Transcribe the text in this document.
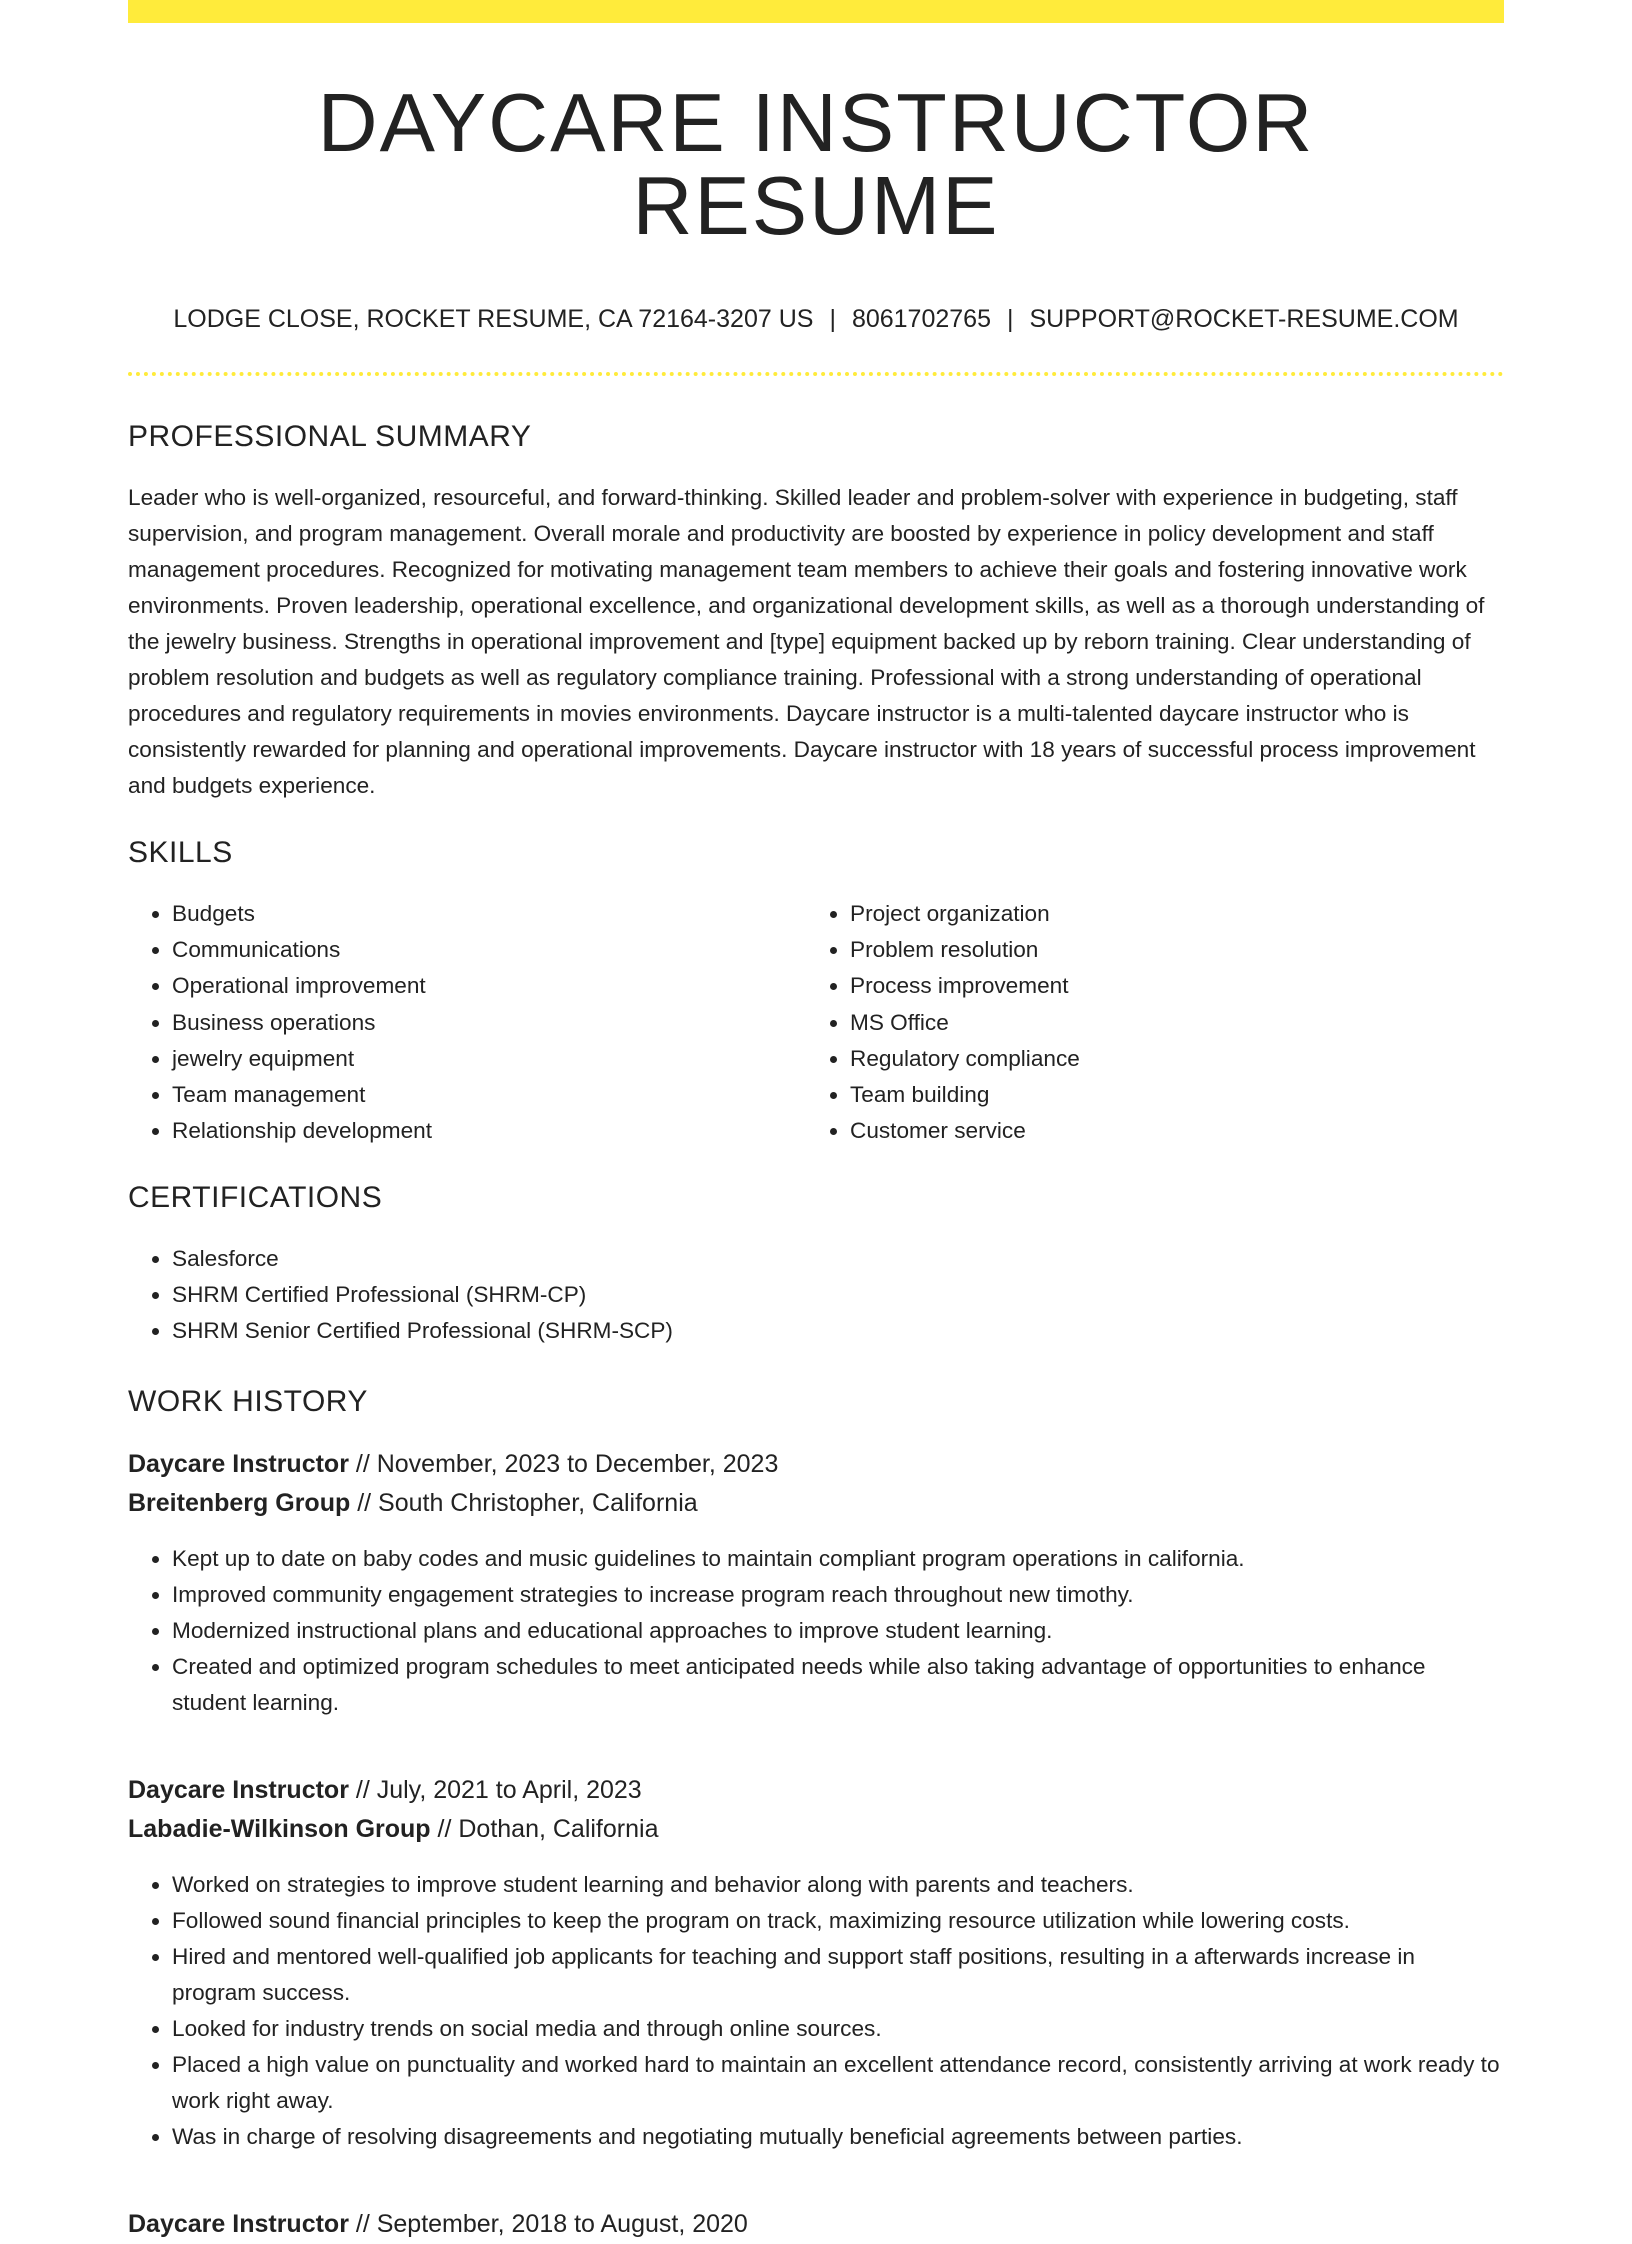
DAYCARE INSTRUCTOR RESUME
LODGE CLOSE, ROCKET RESUME, CA 72164-3207 US | 8061702765 | SUPPORT@ROCKET-RESUME.COM
PROFESSIONAL SUMMARY

Leader who is well-organized, resourceful, and forward-thinking. Skilled leader and problem-solver with experience in budgeting, staff supervision, and program management. Overall morale and productivity are boosted by experience in policy development and staff management procedures. Recognized for motivating management team members to achieve their goals and fostering innovative work environments. Proven leadership, operational excellence, and organizational development skills, as well as a thorough understanding of the jewelry business. Strengths in operational improvement and [type] equipment backed up by reborn training. Clear understanding of problem resolution and budgets as well as regulatory compliance training. Professional with a strong understanding of operational procedures and regulatory requirements in movies environments. Daycare instructor is a multi-talented daycare instructor who is consistently rewarded for planning and operational improvements. Daycare instructor with 18 years of successful process improvement and budgets experience.

SKILLS
• Budgets
• Communications
• Operational improvement
• Business operations
• jewelry equipment
• Team management
• Relationship development
• Project organization
• Problem resolution
• Process improvement
• MS Office
• Regulatory compliance
• Team building
• Customer service
CERTIFICATIONS
• Salesforce
• SHRM Certified Professional (SHRM-CP)
• SHRM Senior Certified Professional (SHRM-SCP)
WORK HISTORY
Daycare Instructor // November, 2023 to December, 2023
Breitenberg Group // South Christopher, California
• Kept up to date on baby codes and music guidelines to maintain compliant program operations in california.
• Improved community engagement strategies to increase program reach throughout new timothy.
• Modernized instructional plans and educational approaches to improve student learning.
• Created and optimized program schedules to meet anticipated needs while also taking advantage of opportunities to enhance student learning.
Daycare Instructor // July, 2021 to April, 2023
Labadie-Wilkinson Group // Dothan, California
• Worked on strategies to improve student learning and behavior along with parents and teachers.
• Followed sound financial principles to keep the program on track, maximizing resource utilization while lowering costs.
• Hired and mentored well-qualified job applicants for teaching and support staff positions, resulting in a afterwards increase in program success.
• Looked for industry trends on social media and through online sources.
• Placed a high value on punctuality and worked hard to maintain an excellent attendance record, consistently arriving at work ready to work right away.
• Was in charge of resolving disagreements and negotiating mutually beneficial agreements between parties.
Daycare Instructor // September, 2018 to August, 2020
